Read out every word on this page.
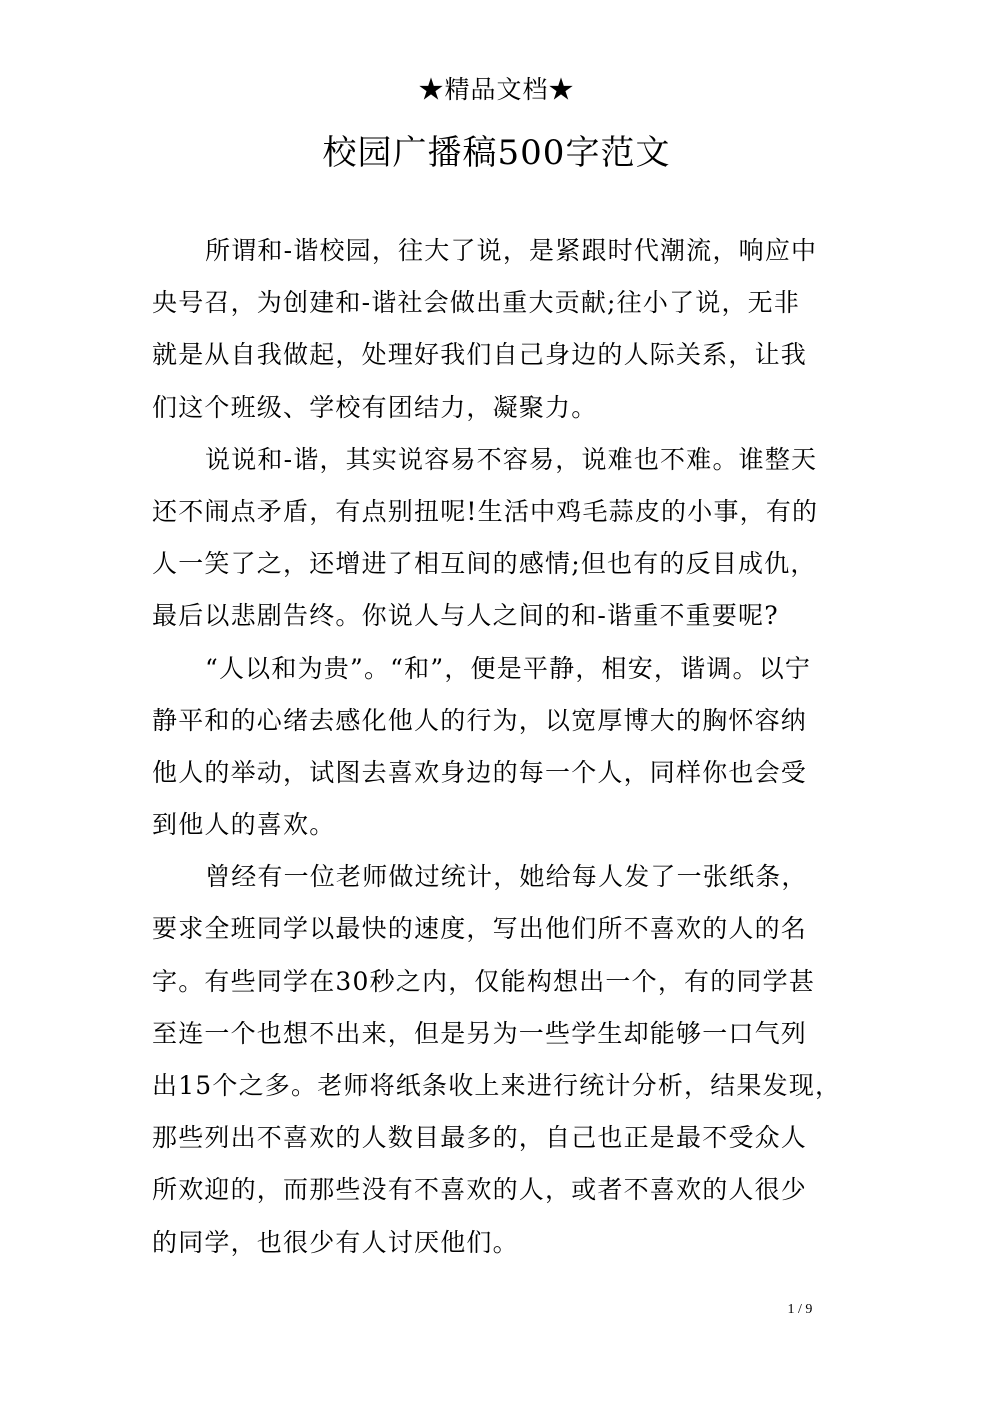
★精品文档★
校园广播稿500字范文
所谓和-谐校园，往大了说，是紧跟时代潮流，响应中
央号召，为创建和-谐社会做出重大贡献;往小了说，无非
就是从自我做起，处理好我们自己身边的人际关系，让我
们这个班级、学校有团结力，凝聚力。
说说和-谐，其实说容易不容易，说难也不难。谁整天
还不闹点矛盾，有点别扭呢!生活中鸡毛蒜皮的小事，有的
人一笑了之，还增进了相互间的感情;但也有的反目成仇，
最后以悲剧告终。你说人与人之间的和-谐重不重要呢?
“人以和为贵”。“和”，便是平静，相安，谐调。以宁
静平和的心绪去感化他人的行为，以宽厚博大的胸怀容纳
他人的举动，试图去喜欢身边的每一个人，同样你也会受
到他人的喜欢。
曾经有一位老师做过统计，她给每人发了一张纸条，
要求全班同学以最快的速度，写出他们所不喜欢的人的名
字。有些同学在30秒之内，仅能构想出一个，有的同学甚
至连一个也想不出来，但是另为一些学生却能够一口气列
出15个之多。老师将纸条收上来进行统计分析，结果发现，
那些列出不喜欢的人数目最多的，自己也正是最不受众人
所欢迎的，而那些没有不喜欢的人，或者不喜欢的人很少
的同学，也很少有人讨厌他们。
1 / 9
